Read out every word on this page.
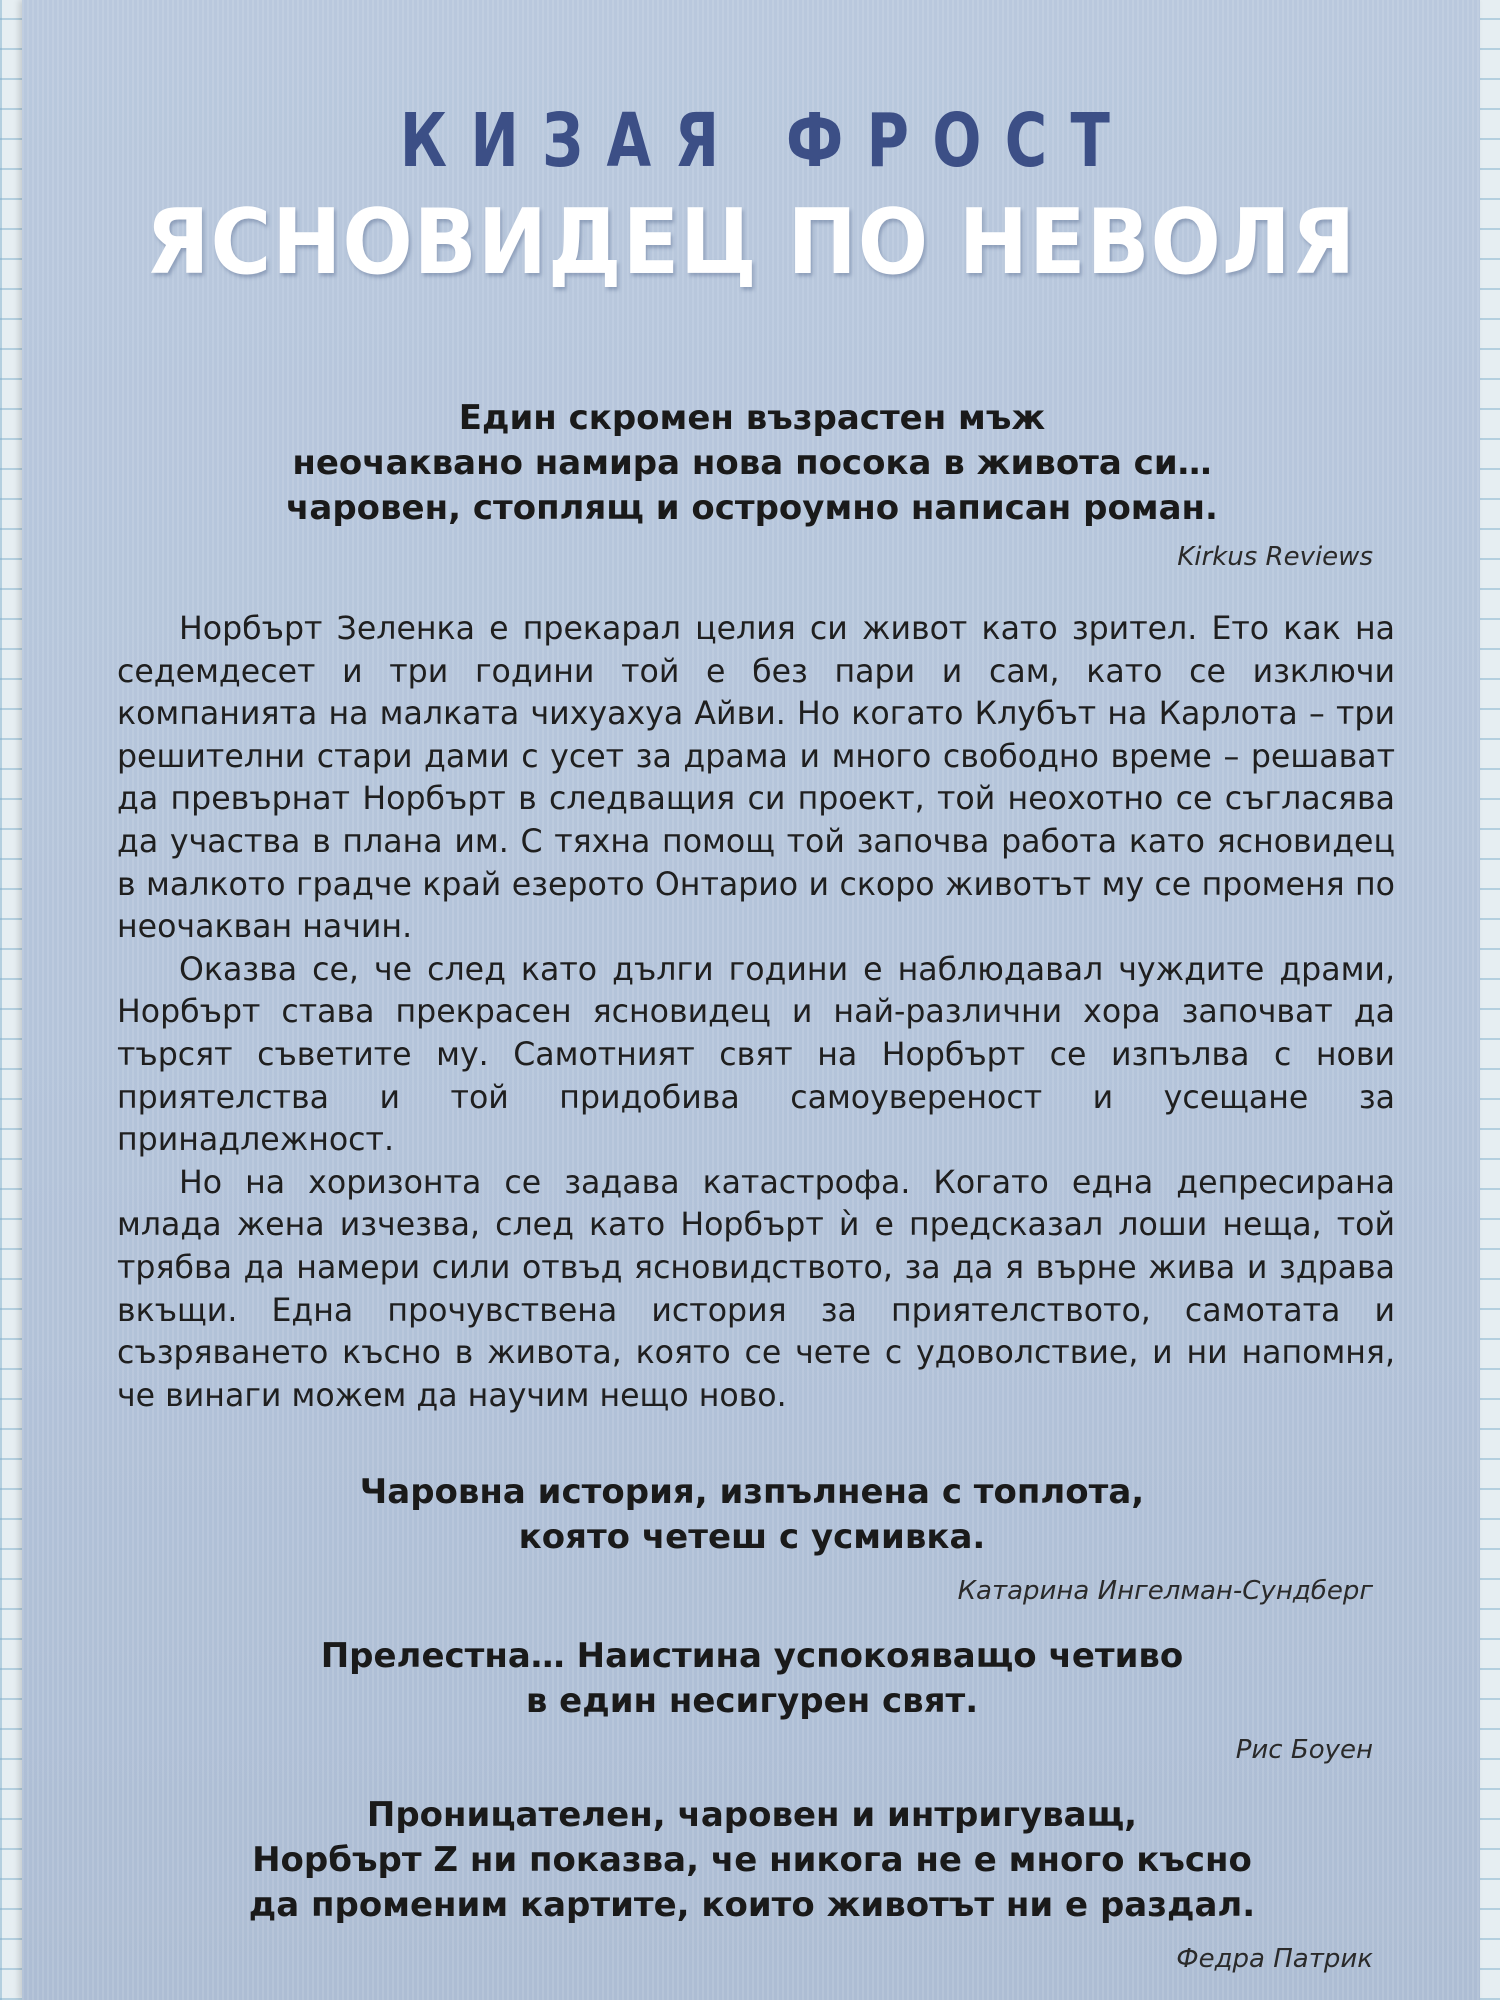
КИЗАЯ ФРОСТ
ЯСНОВИДЕЦ ПО НЕВОЛЯ
Един скромен възрастен мъж
неочаквано намира нова посока в живота си…
чаровен, стоплящ и остроумно написан роман.
Kirkus Reviews

Норбърт Зеленка е прекарал целия си живот като зрител. Ето как на седемдесет и три години той е без пари и сам, като се изключи компанията на малката чихуахуа Айви. Но когато Клубът на Карлота – три решителни стари дами с усет за драма и много свободно време – решават да превърнат Норбърт в следващия си проект, той неохотно се съгласява да участва в плана им. С тяхна помощ той започва работа като ясновидец в малкото градче край езерото Онтарио и скоро животът му се променя по неочакван начин.

Оказва се, че след като дълги години е наблюдавал чуждите драми, Норбърт става прекрасен ясновидец и най-различни хора започват да търсят съветите му. Самотният свят на Норбърт се изпълва с нови приятелства и той придобива самоувереност и усещане за принадлежност.

Но на хоризонта се задава катастрофа. Когато една депресирана млада жена изчезва, след като Норбърт ѝ е предсказал лоши неща, той трябва да намери сили отвъд ясновидството, за да я върне жива и здрава вкъщи. Една прочувствена история за приятелството, самотата и съзряването късно в живота, която се чете с удоволствие, и ни напомня, че винаги можем да научим нещо ново.

Чаровна история, изпълнена с топлота,
която четеш с усмивка.
Катарина Ингелман-Сундберг
Прелестна… Наистина успокояващо четиво
в един несигурен свят.
Рис Боуен
Проницателен, чаровен и интригуващ,
Норбърт Z ни показва, че никога не е много късно
да променим картите, които животът ни е раздал.
Федра Патрик
